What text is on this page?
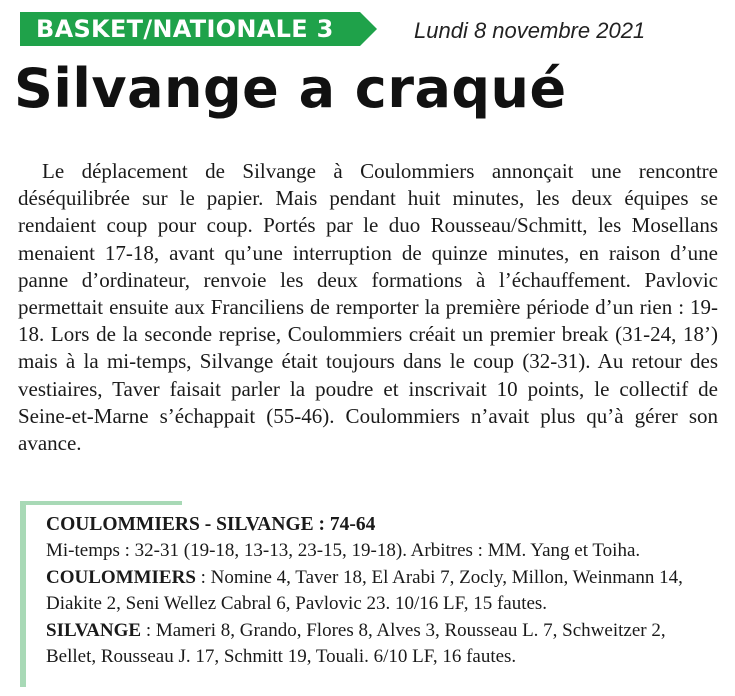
BASKET/NATIONALE 3	Lundi 8 novembre 2021
Silvange a craqué

Le déplacement de Silvange à Coulommiers annonçait une rencontre déséquilibrée sur le papier. Mais pendant huit minutes, les deux équipes se rendaient coup pour coup. Portés par le duo Rousseau/Schmitt, les Mosellans menaient 17-18, avant qu’une interruption de quinze minutes, en raison d’une panne d’ordinateur, renvoie les deux formations à l’échauffement. Pavlovic permettait ensuite aux Franciliens de remporter la première période d’un rien : 19-18. Lors de la seconde reprise, Coulommiers créait un premier break (31-24, 18’) mais à la mi-temps, Silvange était toujours dans le coup (32-31). Au retour des vestiaires, Taver faisait parler la poudre et inscrivait 10 points, le collectif de Seine-et-Marne s’échappait (55-46). Coulommiers n’avait plus qu’à gérer son avance.

COULOMMIERS - SILVANGE : 74-64

Mi-temps : 32-31 (19-18, 13-13, 23-15, 19-18). Arbitres : MM. Yang et Toiha.

COULOMMIERS : Nomine 4, Taver 18, El Arabi 7, Zocly, Millon, Weinmann 14, Diakite 2, Seni Wellez Cabral 6, Pavlovic 23. 10/16 LF, 15 fautes.

SILVANGE : Mameri 8, Grando, Flores 8, Alves 3, Rousseau L. 7, Schweitzer 2, Bellet, Rousseau J. 17, Schmitt 19, Touali. 6/10 LF, 16 fautes.
